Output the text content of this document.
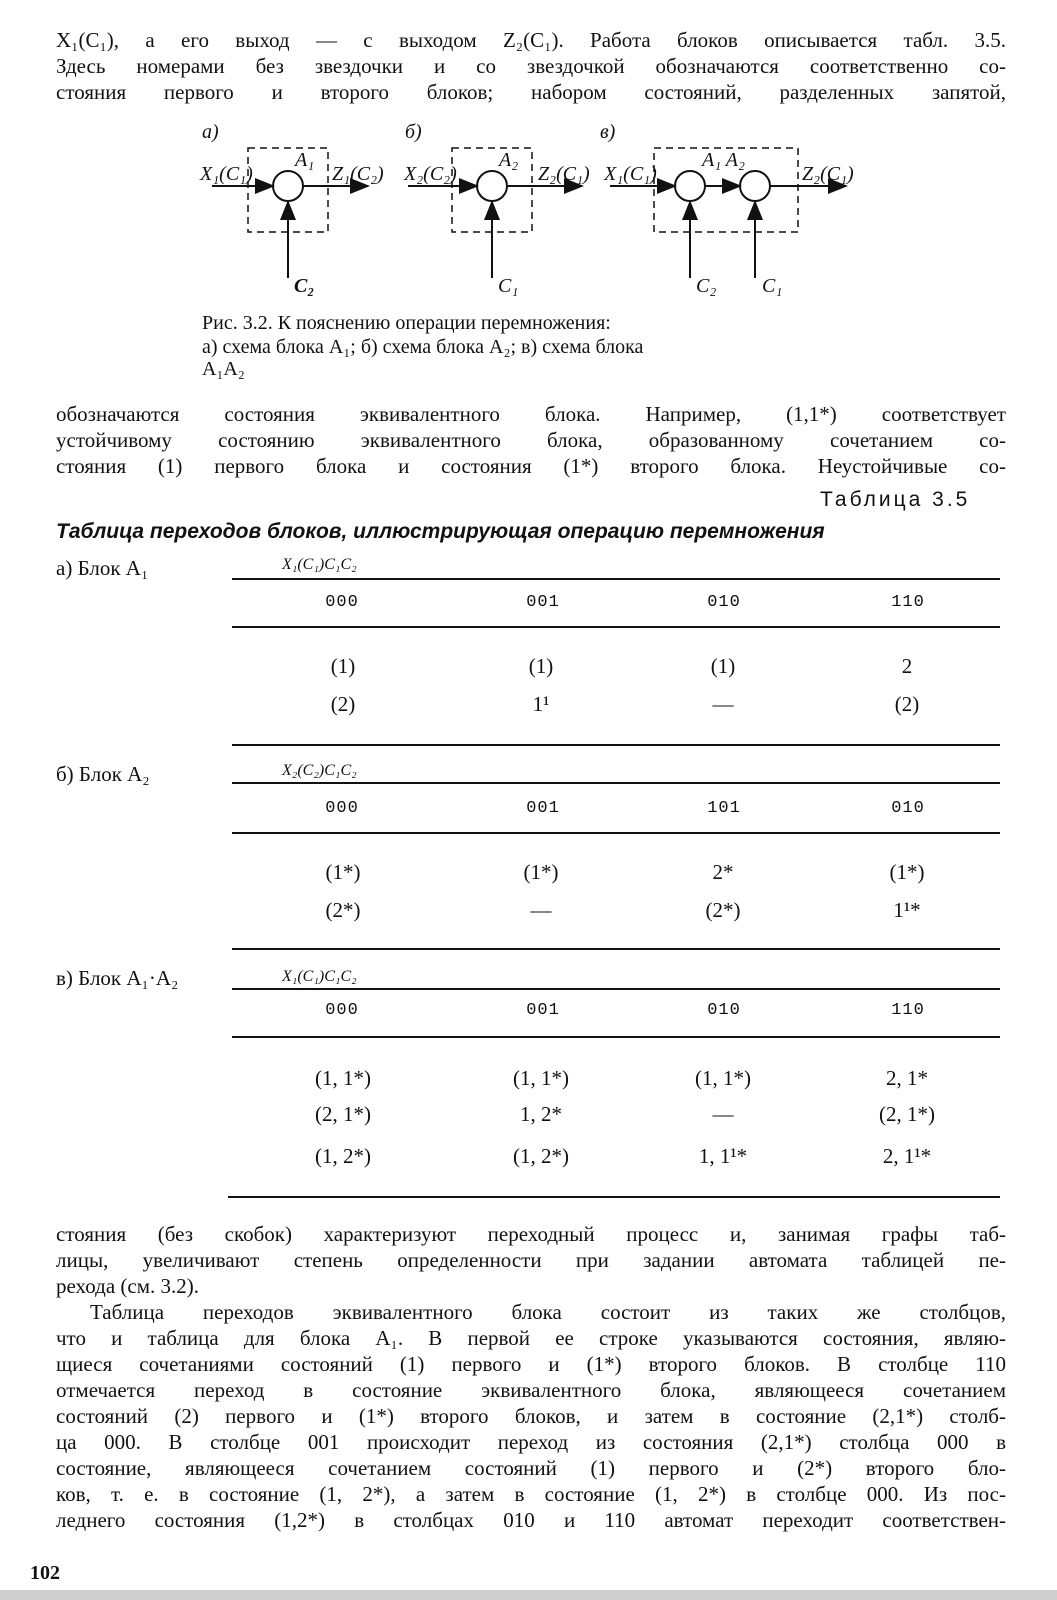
X₁(C₁), а его выход — с выходом Z₂(C₁). Работа блоков описывается табл. 3.5.
Здесь номерами без звездочки и со звездочкой обозначаются соответственно со-
стояния первого и второго блоков; набором состояний, разделенных запятой,
а)
X₁(C₁)
A₁
Z₁(C₂)
C₂
б)
X₂(C₂)
A₂
Z₂(C₁)
C₁
в)
X₁(C₁)
A₁ A₂
Z₂(C₁)
C₂ C₁
Рис. 3.2. К пояснению операции перемножения:
а) схема блока A₁; б) схема блока A₂; в) схема блока
A₁A₂
обозначаются состояния эквивалентного блока. Например, (1,1*) соответствует
устойчивому состоянию эквивалентного блока, образованному сочетанием со-
стояния (1) первого блока и состояния (1*) второго блока. Неустойчивые со-
Таблица 3.5
Таблица переходов блоков, иллюстрирующая операцию перемножения
а) Блок A₁	X₁(C₁)C₁C₂
000	001	010	110
(1)	(1)	(1)	2
(2)	1¹	—	(2)
б) Блок A₂	X₂(C₂)C₁C₂
000	001	101	010
(1*)	(1*)	2*	(1*)
(2*)	—	(2*)	1¹*
в) Блок A₁·A₂	X₁(C₁)C₁C₂
000	001	010	110
(1, 1*)	(1, 1*)	(1, 1*)	2, 1*
(2, 1*)	1, 2*	—	(2, 1*)
(1, 2*)	(1, 2*)	1, 1¹*	2, 1¹*
стояния (без скобок) характеризуют переходный процесс и, занимая графы таб-
лицы, увеличивают степень определенности при задании автомата таблицей пе-
рехода (см. 3.2).
Таблица переходов эквивалентного блока состоит из таких же столбцов,
что и таблица для блока A₁. В первой ее строке указываются состояния, являю-
щиеся сочетаниями состояний (1) первого и (1*) второго блоков. В столбце 110
отмечается переход в состояние эквивалентного блока, являющееся сочетанием
состояний (2) первого и (1*) второго блоков, и затем в состояние (2,1*) столб-
ца 000. В столбце 001 происходит переход из состояния (2,1*) столбца 000 в
состояние, являющееся сочетанием состояний (1) первого и (2*) второго бло-
ков, т. е. в состояние (1, 2*), а затем в состояние (1, 2*) в столбце 000. Из пос-
леднего состояния (1,2*) в столбцах 010 и 110 автомат переходит соответствен-
102
